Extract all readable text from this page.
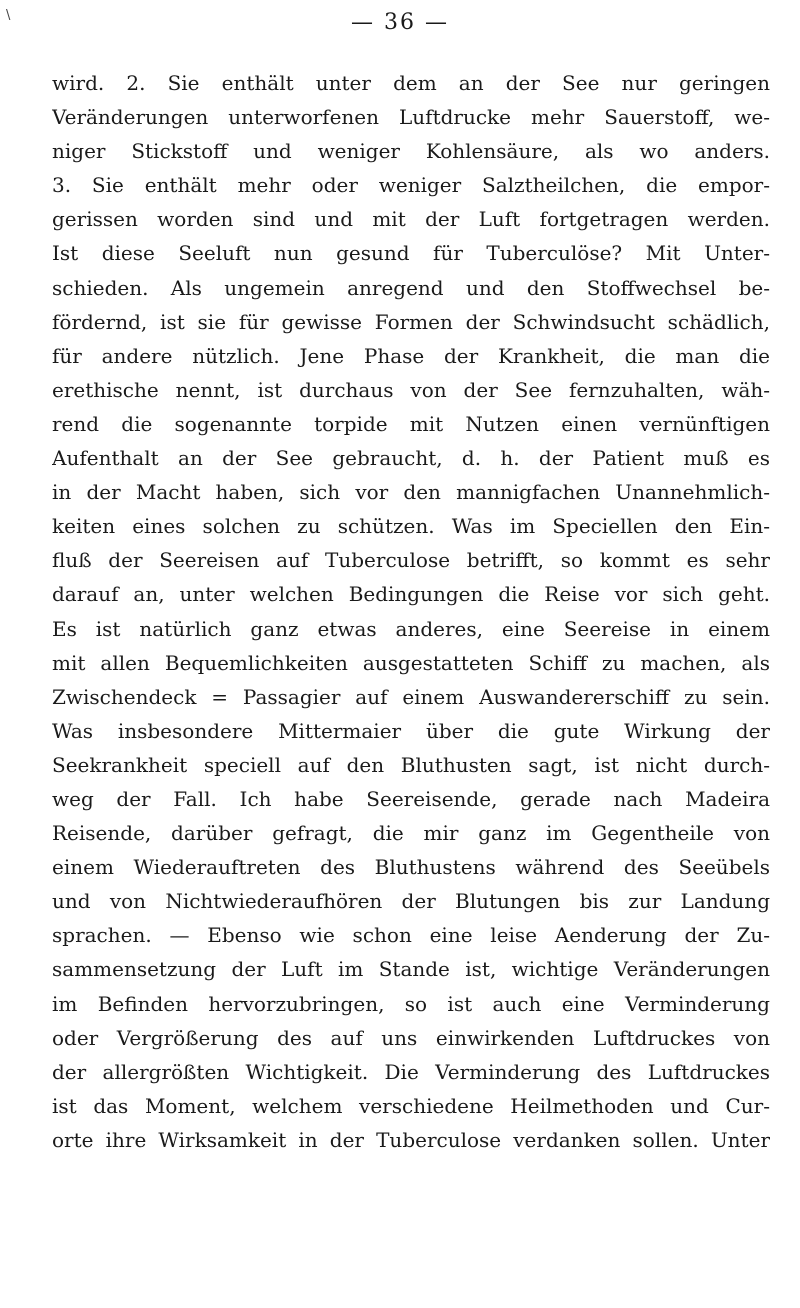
\	— 36 —
wird. 2. Sie enthält unter dem an der See nur geringen
Veränderungen unterworfenen Luftdrucke mehr Sauerstoff, we-
niger Stickstoff und weniger Kohlensäure, als wo anders.
3. Sie enthält mehr oder weniger Salztheilchen, die empor-
gerissen worden sind und mit der Luft fortgetragen werden.
Ist diese Seeluft nun gesund für Tuberculöse? Mit Unter-
schieden. Als ungemein anregend und den Stoffwechsel be-
fördernd, ist sie für gewisse Formen der Schwindsucht schädlich,
für andere nützlich. Jene Phase der Krankheit, die man die
erethische nennt, ist durchaus von der See fernzuhalten, wäh-
rend die sogenannte torpide mit Nutzen einen vernünftigen
Aufenthalt an der See gebraucht, d. h. der Patient muß es
in der Macht haben, sich vor den mannigfachen Unannehmlich-
keiten eines solchen zu schützen. Was im Speciellen den Ein-
fluß der Seereisen auf Tuberculose betrifft, so kommt es sehr
darauf an, unter welchen Bedingungen die Reise vor sich geht.
Es ist natürlich ganz etwas anderes, eine Seereise in einem
mit allen Bequemlichkeiten ausgestatteten Schiff zu machen, als
Zwischendeck = Passagier auf einem Auswandererschiff zu sein.
Was insbesondere Mittermaier über die gute Wirkung der
Seekrankheit speciell auf den Bluthusten sagt, ist nicht durch-
weg der Fall. Ich habe Seereisende, gerade nach Madeira
Reisende, darüber gefragt, die mir ganz im Gegentheile von
einem Wiederauftreten des Bluthustens während des Seeübels
und von Nichtwiederaufhören der Blutungen bis zur Landung
sprachen. — Ebenso wie schon eine leise Aenderung der Zu-
sammensetzung der Luft im Stande ist, wichtige Veränderungen
im Befinden hervorzubringen, so ist auch eine Verminderung
oder Vergrößerung des auf uns einwirkenden Luftdruckes von
der allergrößten Wichtigkeit. Die Verminderung des Luftdruckes
ist das Moment, welchem verschiedene Heilmethoden und Cur-
orte ihre Wirksamkeit in der Tuberculose verdanken sollen. Unter
